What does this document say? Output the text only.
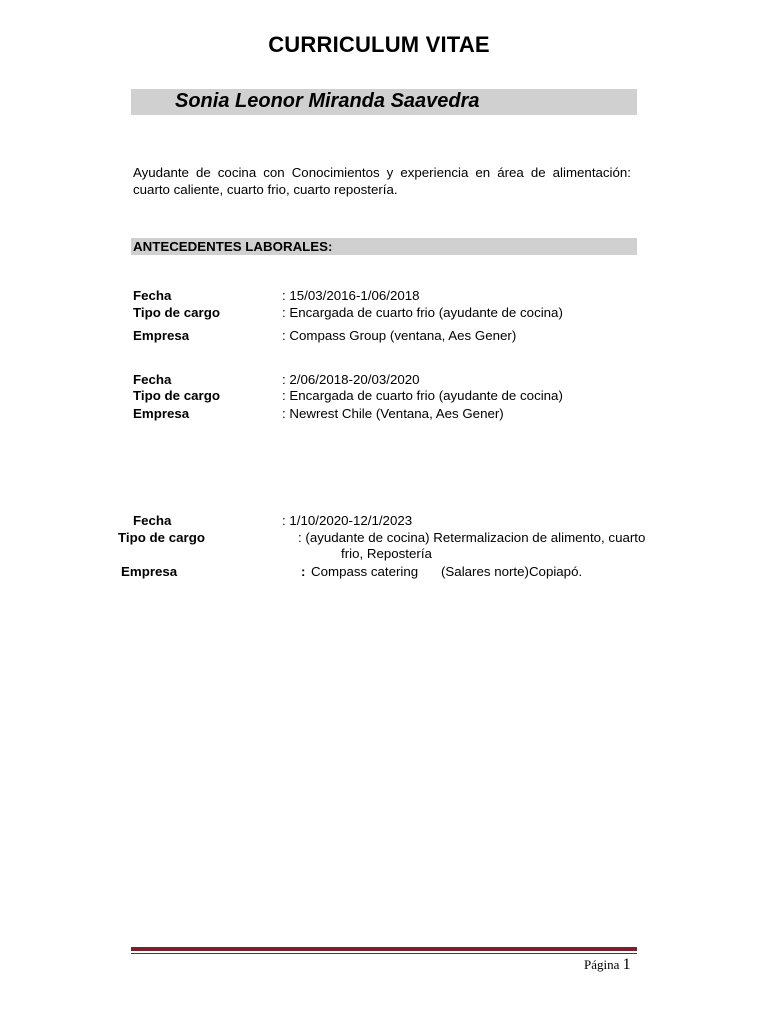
CURRICULUM VITAE
Sonia Leonor Miranda Saavedra
Ayudante de cocina con Conocimientos y experiencia en área de alimentación:
cuarto caliente, cuarto frio, cuarto repostería.
ANTECEDENTES LABORALES:
Fecha	: 15/03/2016-1/06/2018
Tipo de cargo	: Encargada de cuarto frio (ayudante de cocina)
Empresa	: Compass Group (ventana, Aes Gener)
Fecha	: 2/06/2018-20/03/2020
Tipo de cargo	: Encargada de cuarto frio (ayudante de cocina)
Empresa	: Newrest Chile (Ventana, Aes Gener)
Fecha	: 1/10/2020-12/1/2023
Tipo de cargo	: (ayudante de cocina) Retermalizacion de alimento, cuarto
frio, Repostería
Empresa	: Compass catering (Salares norte)Copiapó.
Página 1
